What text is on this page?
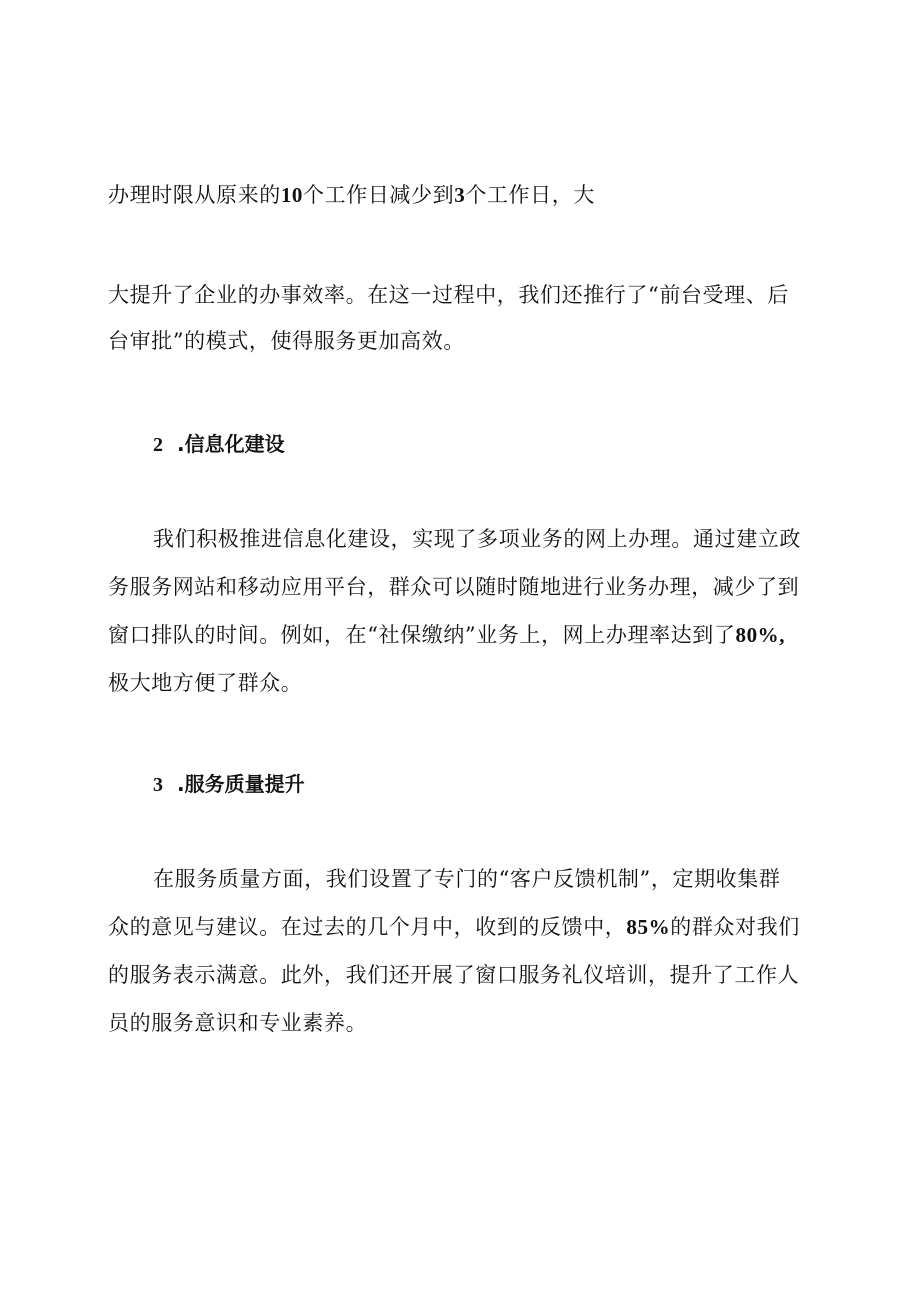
办理时限从原来的10个工作日减少到3个工作日，大

大提升了企业的办事效率。在这一过程中，我们还推行了“前台受理、后

台审批”的模式，使得服务更加高效。

2 .信息化建设

我们积极推进信息化建设，实现了多项业务的网上办理。通过建立政

务服务网站和移动应用平台，群众可以随时随地进行业务办理，减少了到

窗口排队的时间。例如，在“社保缴纳”业务上，网上办理率达到了80%,

极大地方便了群众。

3 .服务质量提升

在服务质量方面，我们设置了专门的“客户反馈机制”，定期收集群

众的意见与建议。在过去的几个月中，收到的反馈中，85%的群众对我们

的服务表示满意。此外，我们还开展了窗口服务礼仪培训，提升了工作人

员的服务意识和专业素养。
